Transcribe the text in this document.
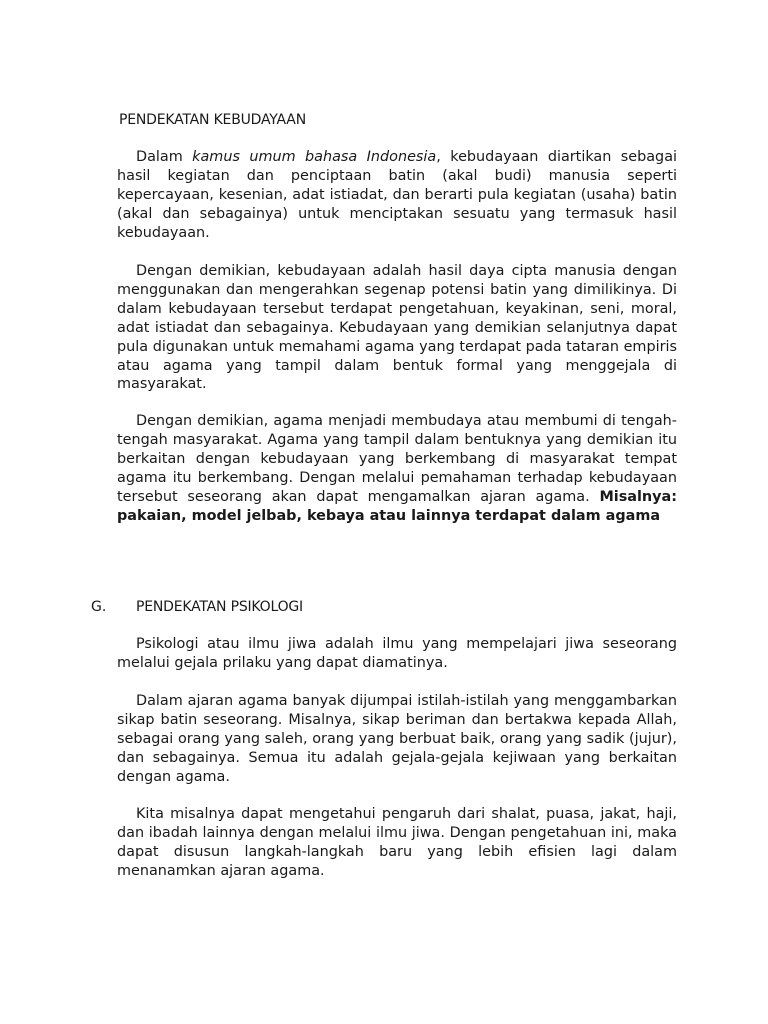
PENDEKATAN KEBUDAYAAN

Dalam kamus umum bahasa Indonesia, kebudayaan diartikan sebagai hasil kegiatan dan penciptaan batin (akal budi) manusia seperti kepercayaan, kesenian, adat istiadat, dan berarti pula kegiatan (usaha) batin (akal dan sebagainya) untuk menciptakan sesuatu yang termasuk hasil kebudayaan.

Dengan demikian, kebudayaan adalah hasil daya cipta manusia dengan menggunakan dan mengerahkan segenap potensi batin yang dimilikinya. Di dalam kebudayaan tersebut terdapat pengetahuan, keyakinan, seni, moral, adat istiadat dan sebagainya. Kebudayaan yang demikian selanjutnya dapat pula digunakan untuk memahami agama yang terdapat pada tataran empiris atau agama yang tampil dalam bentuk formal yang menggejala di masyarakat.

Dengan demikian, agama menjadi membudaya atau membumi di tengah-tengah masyarakat. Agama yang tampil dalam bentuknya yang demikian itu berkaitan dengan kebudayaan yang berkembang di masyarakat tempat agama itu berkembang. Dengan melalui pemahaman terhadap kebudayaan tersebut seseorang akan dapat mengamalkan ajaran agama. Misalnya: pakaian, model jelbab, kebaya atau lainnya terdapat dalam agama

G. PENDEKATAN PSIKOLOGI

Psikologi atau ilmu jiwa adalah ilmu yang mempelajari jiwa seseorang melalui gejala prilaku yang dapat diamatinya.

Dalam ajaran agama banyak dijumpai istilah-istilah yang menggambarkan sikap batin seseorang. Misalnya, sikap beriman dan bertakwa kepada Allah, sebagai orang yang saleh, orang yang berbuat baik, orang yang sadik (jujur), dan sebagainya. Semua itu adalah gejala-gejala kejiwaan yang berkaitan dengan agama.

Kita misalnya dapat mengetahui pengaruh dari shalat, puasa, jakat, haji, dan ibadah lainnya dengan melalui ilmu jiwa. Dengan pengetahuan ini, maka dapat disusun langkah-langkah baru yang lebih efisien lagi dalam menanamkan ajaran agama.
